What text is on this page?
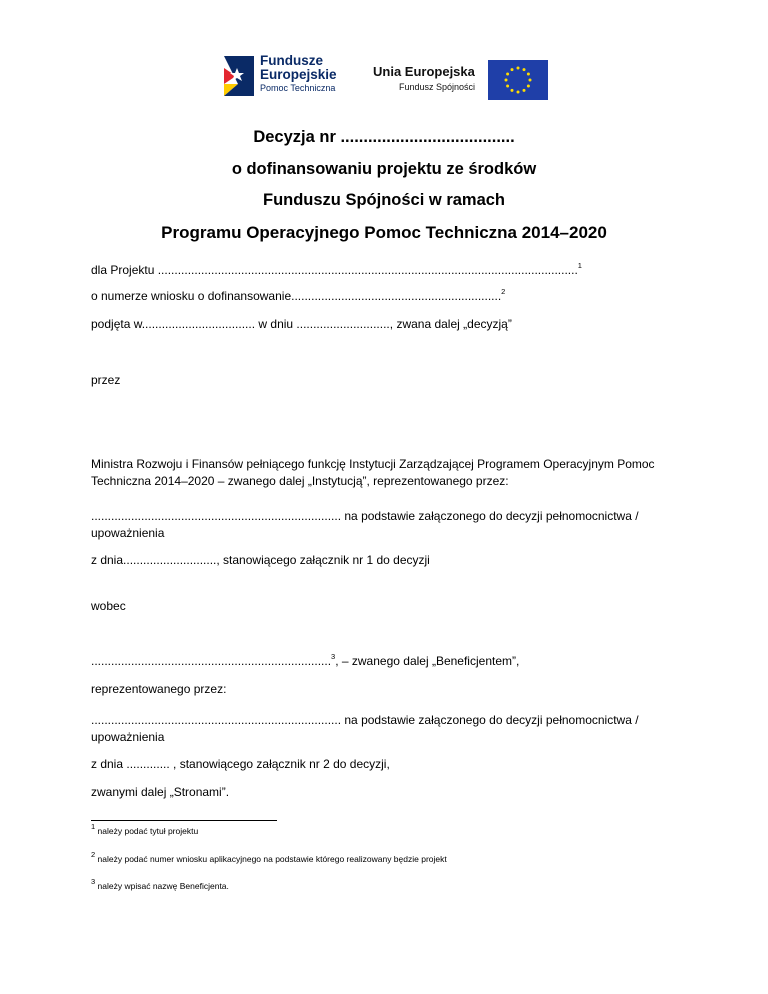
Fundusze
Europejskie
Pomoc Techniczna
Unia Europejska
Fundusz Spójności
Decyzja nr ......................................
o dofinansowaniu projektu ze środków
Funduszu Spójności w ramach
Programu Operacyjnego Pomoc Techniczna 2014–2020
dla Projektu ..............................................................................................................................$^1$
o numerze wniosku o dofinansowanie...............................................................$^2$
podjęta w.................................. w dniu ............................, zwana dalej „decyzją”
przez
Ministra Rozwoju i Finansów pełniącego funkcję Instytucji Zarządzającej Programem Operacyjnym Pomoc Techniczna 2014–2020 – zwanego dalej „Instytucją”, reprezentowanego przez:
........................................................................... na podstawie załączonego do decyzji pełnomocnictwa / upoważnienia
z dnia............................, stanowiącego załącznik nr 1 do decyzji
wobec
........................................................................$^3$, – zwanego dalej „Beneficjentem”,
reprezentowanego przez:
........................................................................... na podstawie załączonego do decyzji pełnomocnictwa / upoważnienia
z dnia ............. , stanowiącego załącznik nr 2 do decyzji,
zwanymi dalej „Stronami”.
$^1$ należy podać tytuł projektu
$^2$ należy podać numer wniosku aplikacyjnego na podstawie którego realizowany będzie projekt
$^3$ należy wpisać nazwę Beneficjenta.
